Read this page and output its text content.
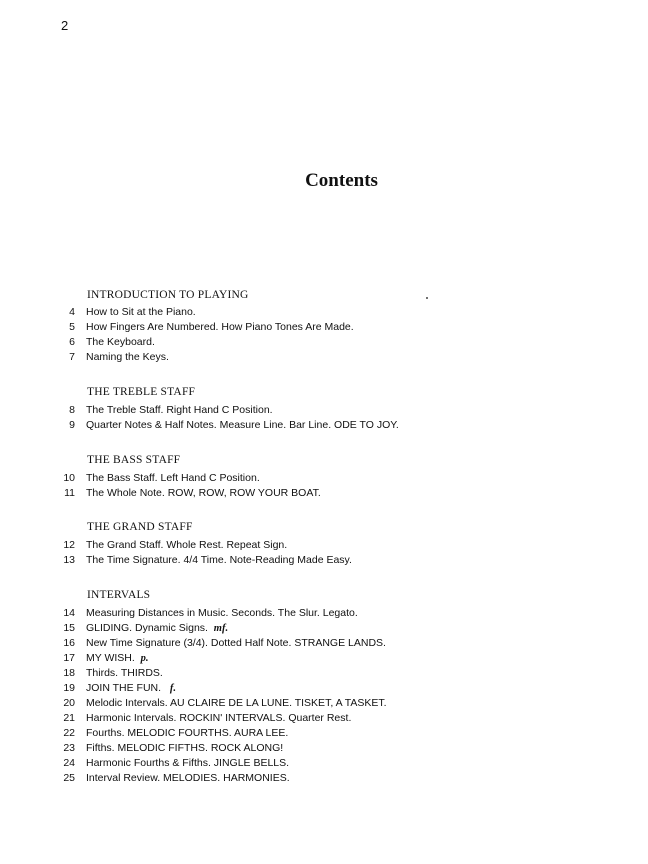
2
Contents
INTRODUCTION TO PLAYING
4 How to Sit at the Piano.
5 How Fingers Are Numbered. How Piano Tones Are Made.
6 The Keyboard.
7 Naming the Keys.
THE TREBLE STAFF
8 The Treble Staff. Right Hand C Position.
9 Quarter Notes & Half Notes. Measure Line. Bar Line. ODE TO JOY.
THE BASS STAFF
10 The Bass Staff. Left Hand C Position.
11 The Whole Note. ROW, ROW, ROW YOUR BOAT.
THE GRAND STAFF
12 The Grand Staff. Whole Rest. Repeat Sign.
13 The Time Signature. 4/4 Time. Note-Reading Made Easy.
INTERVALS
14 Measuring Distances in Music. Seconds. The Slur. Legato.
15 GLIDING. Dynamic Signs. mf.
16 New Time Signature (3/4). Dotted Half Note. STRANGE LANDS.
17 MY WISH. p.
18 Thirds. THIRDS.
19 JOIN THE FUN. f.
20 Melodic Intervals. AU CLAIRE DE LA LUNE. TISKET, A TASKET.
21 Harmonic Intervals. ROCKIN' INTERVALS. Quarter Rest.
22 Fourths. MELODIC FOURTHS. AURA LEE.
23 Fifths. MELODIC FIFTHS. ROCK ALONG!
24 Harmonic Fourths & Fifths. JINGLE BELLS.
25 Interval Review. MELODIES. HARMONIES.
